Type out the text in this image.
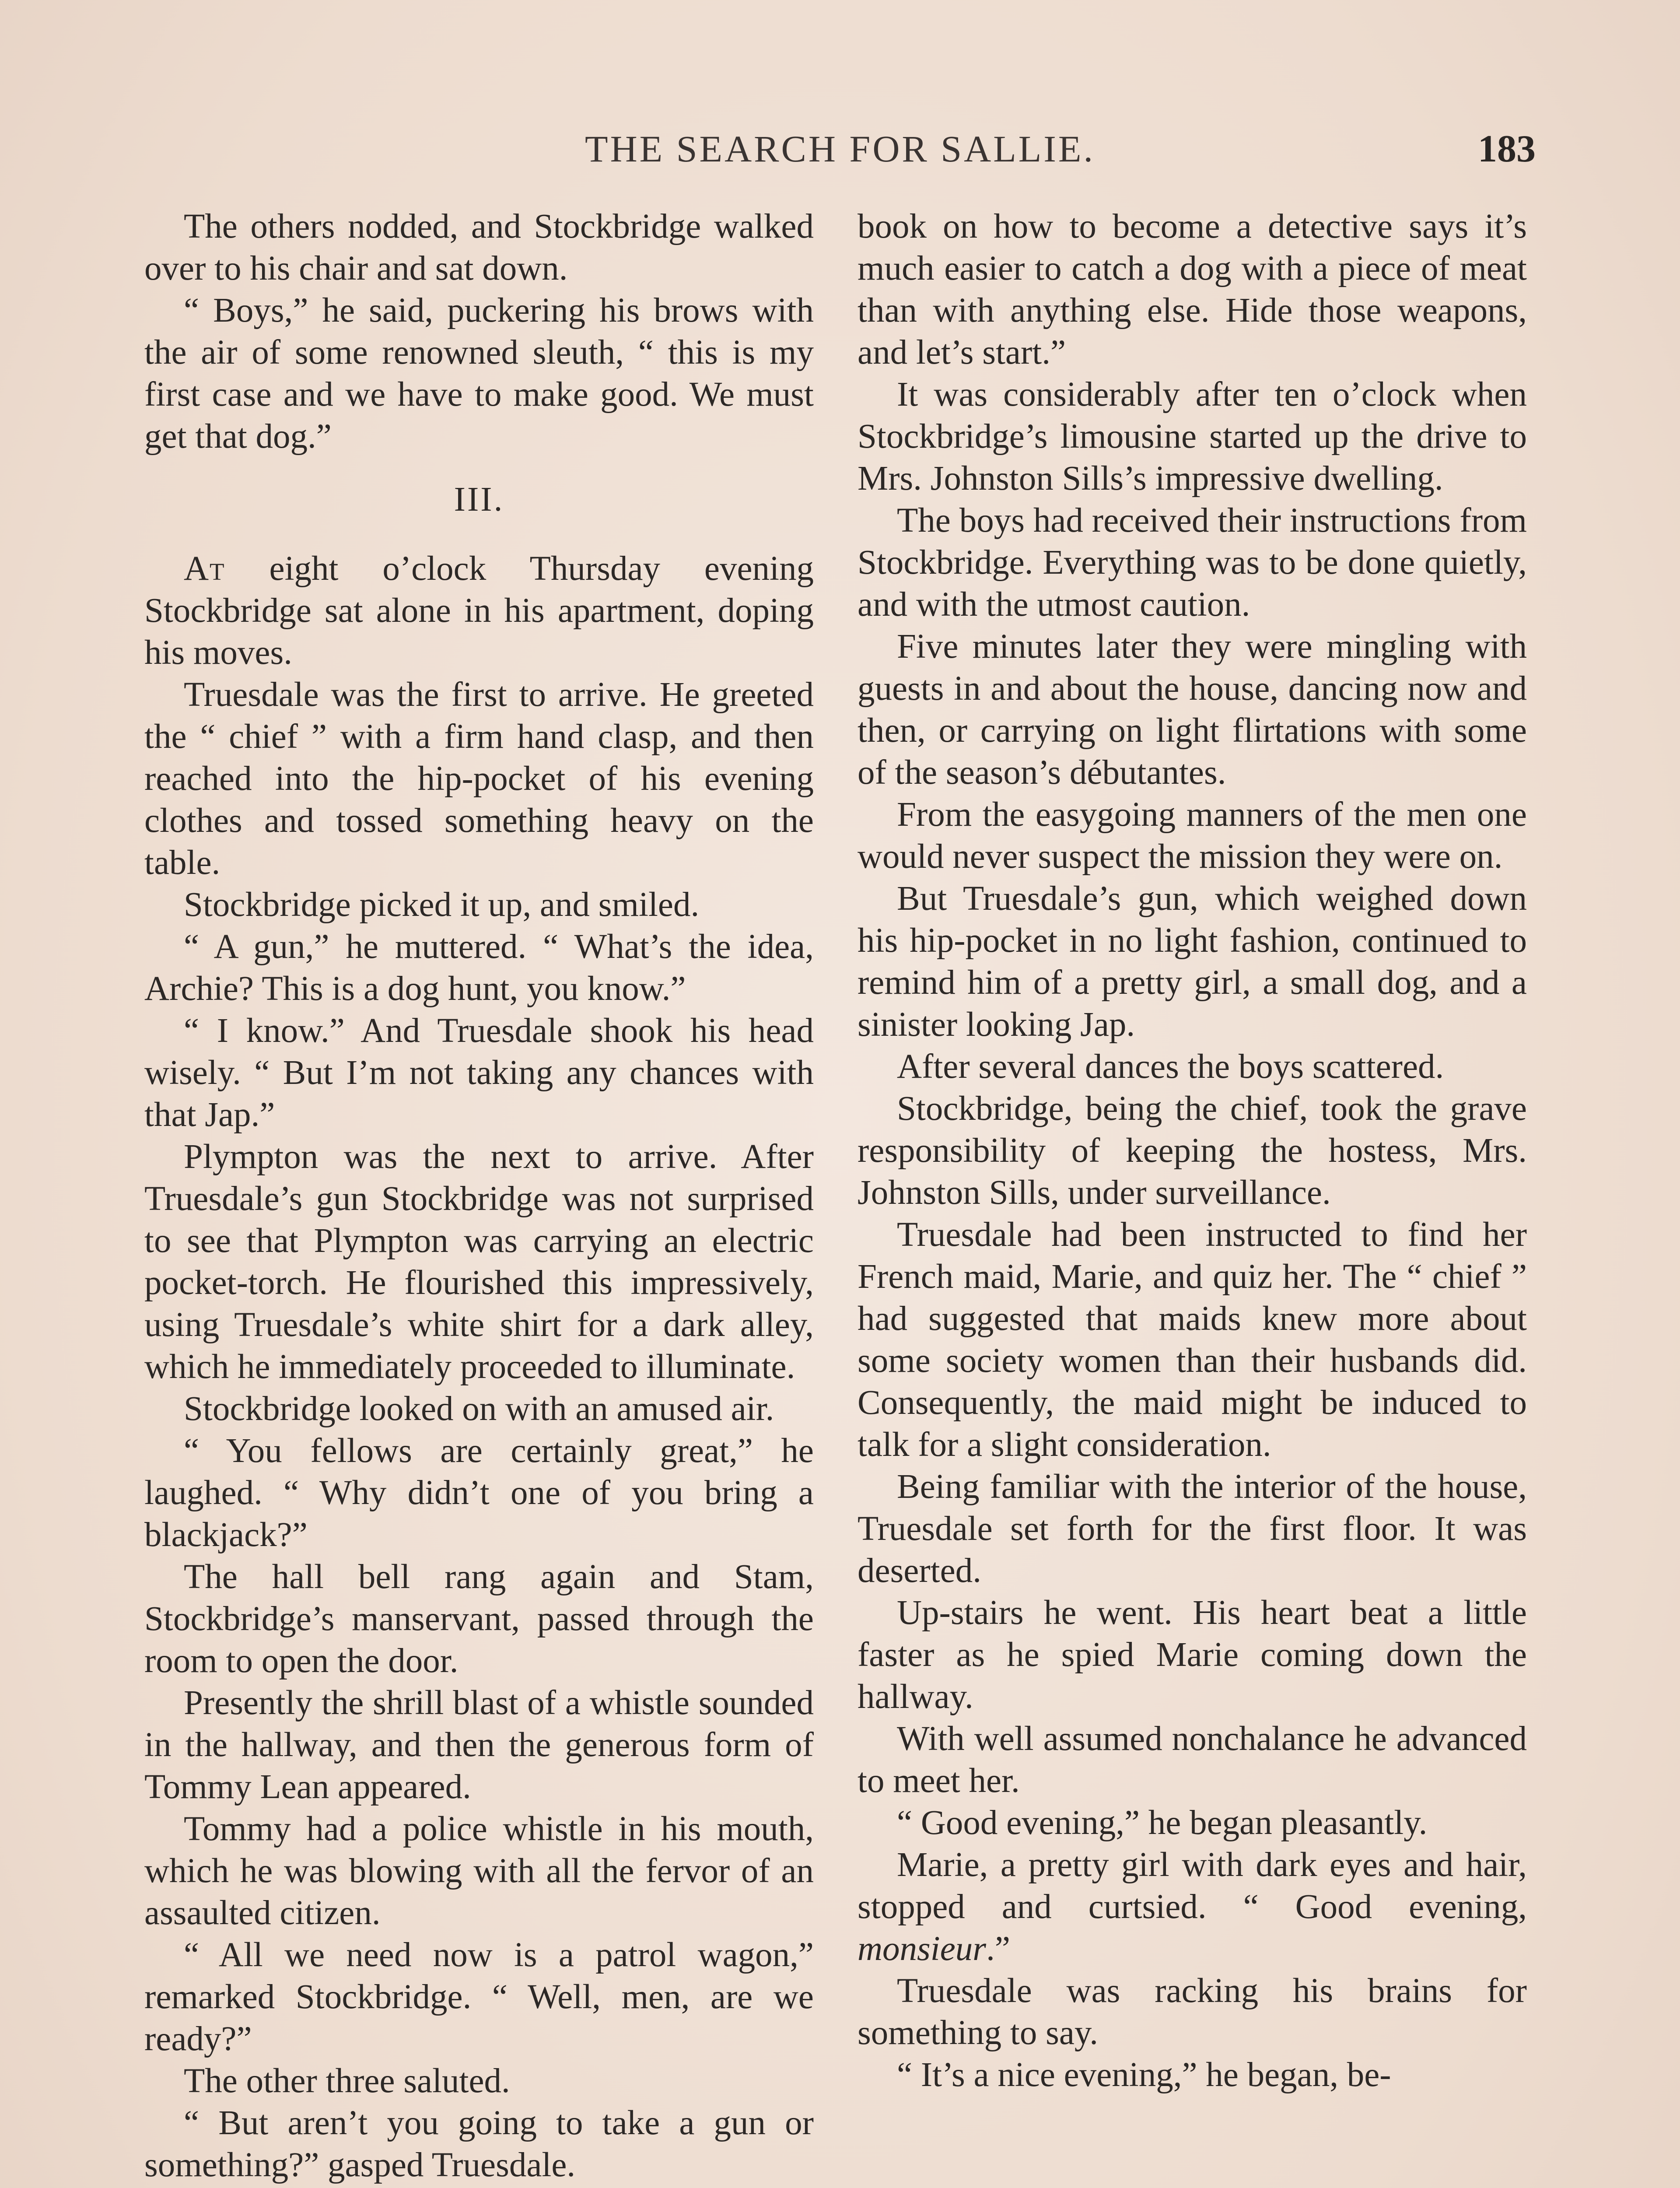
THE SEARCH FOR SALLIE.	183

The others nodded, and Stockbridge walked over to his chair and sat down.

“ Boys,” he said, puckering his brows with the air of some renowned sleuth, “ this is my first case and we have to make good. We must get that dog.”

III.

At eight o’clock Thursday evening Stockbridge sat alone in his apartment, doping his moves.

Truesdale was the first to arrive. He greeted the “ chief ” with a firm hand clasp, and then reached into the hip-pocket of his evening clothes and tossed something heavy on the table.

Stockbridge picked it up, and smiled.

“ A gun,” he muttered. “ What’s the idea, Archie? This is a dog hunt, you know.”

“ I know.” And Truesdale shook his head wisely. “ But I’m not taking any chances with that Jap.”

Plympton was the next to arrive. After Truesdale’s gun Stockbridge was not surprised to see that Plympton was carrying an electric pocket-torch. He flourished this impressively, using Truesdale’s white shirt for a dark alley, which he immediately proceeded to illuminate.

Stockbridge looked on with an amused air.

“ You fellows are certainly great,” he laughed. “ Why didn’t one of you bring a blackjack?”

The hall bell rang again and Stam, Stockbridge’s manservant, passed through the room to open the door.

Presently the shrill blast of a whistle sounded in the hallway, and then the generous form of Tommy Lean appeared.

Tommy had a police whistle in his mouth, which he was blowing with all the fervor of an assaulted citizen.

“ All we need now is a patrol wagon,” remarked Stockbridge. “ Well, men, are we ready?”

The other three saluted.

“ But aren’t you going to take a gun or something?” gasped Truesdale.

book on how to become a detective says it’s much easier to catch a dog with a piece of meat than with anything else. Hide those weapons, and let’s start.”

It was considerably after ten o’clock when Stockbridge’s limousine started up the drive to Mrs. Johnston Sills’s impressive dwelling.

The boys had received their instructions from Stockbridge. Everything was to be done quietly, and with the utmost caution.

Five minutes later they were mingling with guests in and about the house, dancing now and then, or carrying on light flirtations with some of the season’s débutantes.

From the easygoing manners of the men one would never suspect the mission they were on.

But Truesdale’s gun, which weighed down his hip-pocket in no light fashion, continued to remind him of a pretty girl, a small dog, and a sinister looking Jap.

After several dances the boys scattered.

Stockbridge, being the chief, took the grave responsibility of keeping the hostess, Mrs. Johnston Sills, under surveillance.

Truesdale had been instructed to find her French maid, Marie, and quiz her. The “ chief ” had suggested that maids knew more about some society women than their husbands did. Consequently, the maid might be induced to talk for a slight consideration.

Being familiar with the interior of the house, Truesdale set forth for the first floor. It was deserted.

Up-stairs he went. His heart beat a little faster as he spied Marie coming down the hallway.

With well assumed nonchalance he advanced to meet her.

“ Good evening,” he began pleasantly.

Marie, a pretty girl with dark eyes and hair, stopped and curtsied. “ Good evening, monsieur.”

Truesdale was racking his brains for something to say.

“ It’s a nice evening,” he began, be-
